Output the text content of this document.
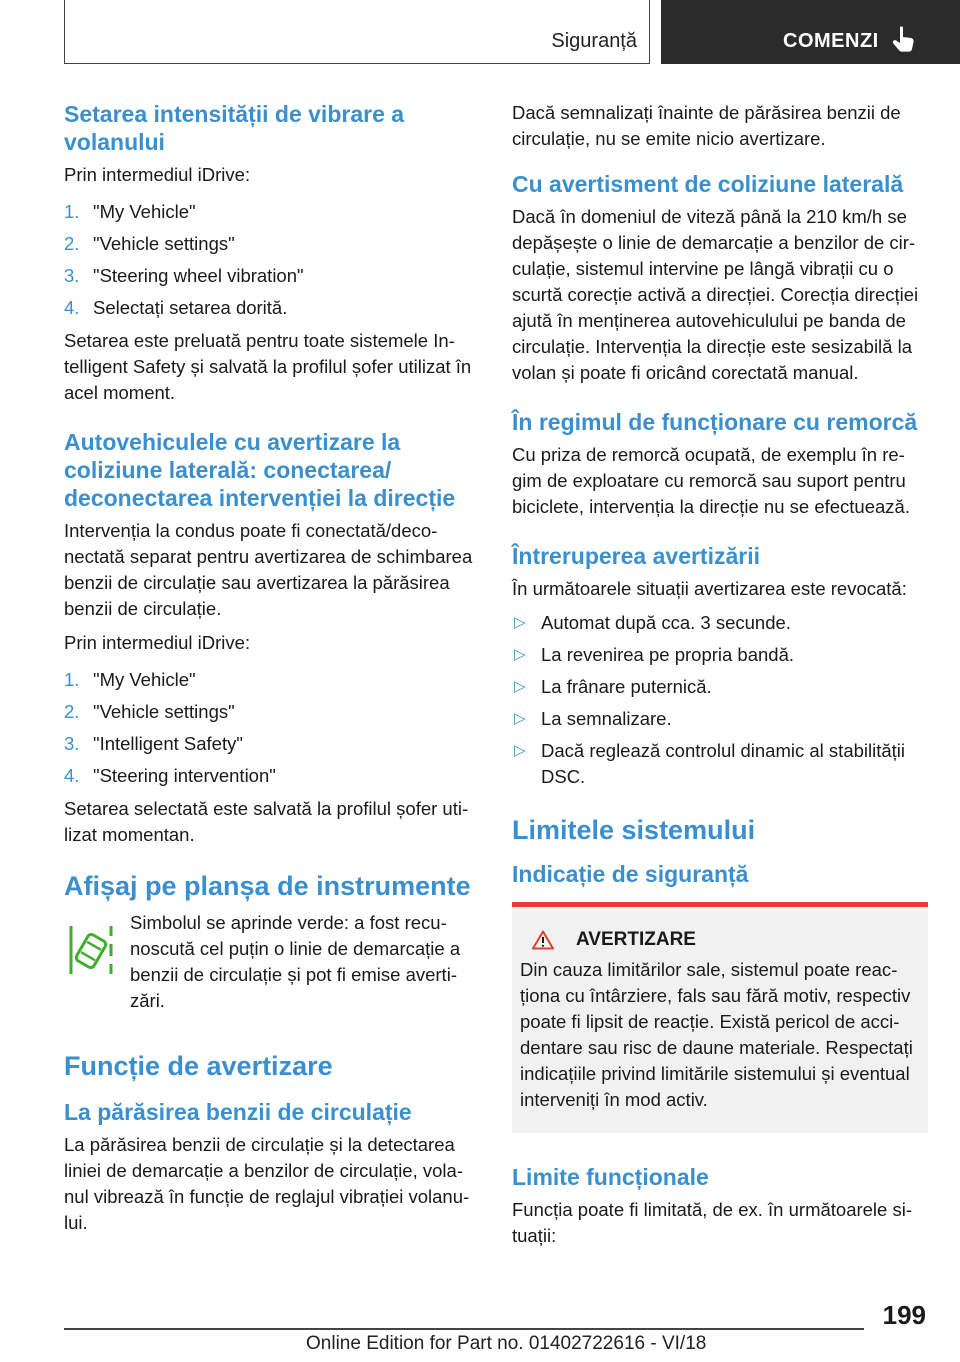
Siguranță	COMENZI
Setarea intensității de vibrare a volanului

Prin intermediul iDrive:

1. "My Vehicle"
2. "Vehicle settings"
3. "Steering wheel vibration"
4. Selectați setarea dorită.

Setarea este preluată pentru toate sistemele Intelligent Safety și salvată la profilul șofer utilizat în acel moment.

Autovehiculele cu avertizare la coliziune laterală: conectarea/ deconectarea intervenției la direcție

Intervenția la condus poate fi conectată/deconectată separat pentru avertizarea de schimbarea benzii de circulație sau avertizarea la părăsirea benzii de circulație.

Prin intermediul iDrive:

1. "My Vehicle"
2. "Vehicle settings"
3. "Intelligent Safety"
4. "Steering intervention"

Setarea selectată este salvată la profilul șofer utilizat momentan.

Afișaj pe planșa de instrumente

Simbolul se aprinde verde: a fost recunoscută cel puțin o linie de demarcație a benzii de circulație și pot fi emise avertizări.

Funcție de avertizare
La părăsirea benzii de circulație

La părăsirea benzii de circulație și la detectarea liniei de demarcație a benzilor de circulație, volanul vibrează în funcție de reglajul vibrației volanului.

Dacă semnalizați înainte de părăsirea benzii de circulație, nu se emite nicio avertizare.

Cu avertisment de coliziune laterală

Dacă în domeniul de viteză până la 210 km/h se depășește o linie de demarcație a benzilor de circulație, sistemul intervine pe lângă vibrații cu o scurtă corecție activă a direcției. Corecția direcției ajută în menținerea autovehiculului pe banda de circulație. Intervenția la direcție este sesizabilă la volan și poate fi oricând corectată manual.

În regimul de funcționare cu remorcă

Cu priza de remorcă ocupată, de exemplu în regim de exploatare cu remorcă sau suport pentru biciclete, intervenția la direcție nu se efectuează.

Întreruperea avertizării

În următoarele situații avertizarea este revocată:

▷ Automat după cca. 3 secunde.
▷ La revenirea pe propria bandă.
▷ La frânare puternică.
▷ La semnalizare.
▷ Dacă reglează controlul dinamic al stabilității DSC.
Limitele sistemului
Indicație de siguranță
AVERTIZARE

Din cauza limitărilor sale, sistemul poate reacționa cu întârziere, fals sau fără motiv, respectiv poate fi lipsit de reacție. Există pericol de accidentare sau risc de daune materiale. Respectați indicațiile privind limitările sistemului și eventual interveniți în mod activ.

Limite funcționale

Funcția poate fi limitată, de ex. în următoarele situații:

199
Online Edition for Part no. 01402722616 - VI/18
